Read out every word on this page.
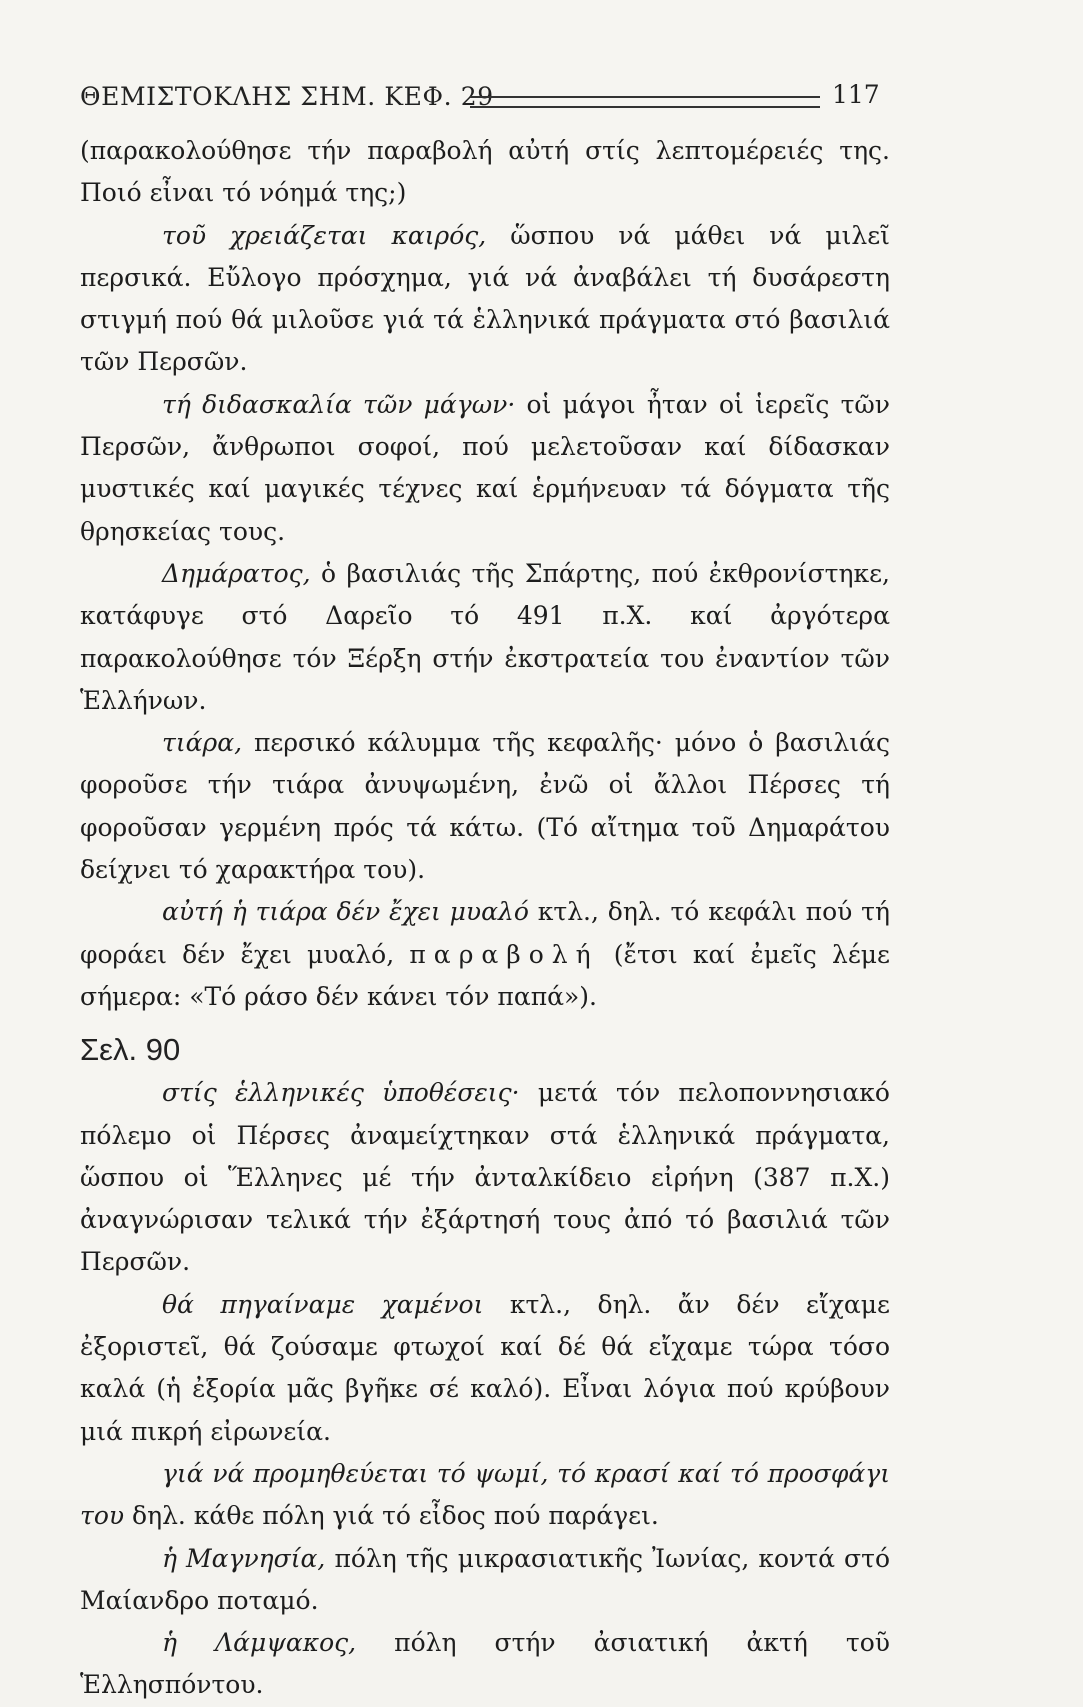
ΘΕΜΙΣΤΟΚΛΗΣ ΣΗΜ. ΚΕΦ. 29	117

(παρακολούθησε τήν παραβολή αὐτή στίς λεπτομέρειές της. Ποιό εἶναι τό νόημά της;)

τοῦ χρειάζεται καιρός, ὥσπου νά μάθει νά μιλεῖ περσικά. Εὔλογο πρόσχημα, γιά νά ἀναβάλει τή δυσάρεστη στιγμή πού θά μιλοῦσε γιά τά ἑλληνικά πράγματα στό βασιλιά τῶν Περσῶν.

τή διδασκαλία τῶν μάγων· οἱ μάγοι ἦταν οἱ ἱερεῖς τῶν Περσῶν, ἄνθρωποι σοφοί, πού μελετοῦσαν καί δίδασκαν μυστικές καί μαγικές τέχνες καί ἑρμήνευαν τά δόγματα τῆς θρησκείας τους.

Δημάρατος, ὁ βασιλιάς τῆς Σπάρτης, πού ἐκθρονίστηκε, κατάφυγε στό Δαρεῖο τό 491 π.Χ. καί ἀργότερα παρακολούθησε τόν Ξέρξη στήν ἐκστρατεία του ἐναντίον τῶν Ἑλλήνων.

τιάρα, περσικό κάλυμμα τῆς κεφαλῆς· μόνο ὁ βασιλιάς φοροῦσε τήν τιάρα ἀνυψωμένη, ἐνῶ οἱ ἄλλοι Πέρσες τή φοροῦσαν γερμένη πρός τά κάτω. (Τό αἴτημα τοῦ Δημαράτου δείχνει τό χαρακτήρα του).

αὐτή ἡ τιάρα δέν ἔχει μυαλό κτλ., δηλ. τό κεφάλι πού τή φοράει δέν ἔχει μυαλό, παραβολή (ἔτσι καί ἐμεῖς λέμε σήμερα: «Τό ράσο δέν κάνει τόν παπά»).

Σελ. 90

στίς ἑλληνικές ὑποθέσεις· μετά τόν πελοποννησιακό πόλεμο οἱ Πέρσες ἀναμείχτηκαν στά ἑλληνικά πράγματα, ὥσπου οἱ Ἕλληνες μέ τήν ἀνταλκίδειο εἰρήνη (387 π.Χ.) ἀναγνώρισαν τελικά τήν ἐξάρτησή τους ἀπό τό βασιλιά τῶν Περσῶν.

θά πηγαίναμε χαμένοι κτλ., δηλ. ἄν δέν εἴχαμε ἐξοριστεῖ, θά ζούσαμε φτωχοί καί δέ θά εἴχαμε τώρα τόσο καλά (ἡ ἐξορία μᾶς βγῆκε σέ καλό). Εἶναι λόγια πού κρύβουν μιά πικρή εἰρωνεία.

γιά νά προμηθεύεται τό ψωμί, τό κρασί καί τό προσφάγι του δηλ. κάθε πόλη γιά τό εἶδος πού παράγει.

ἡ Μαγνησία, πόλη τῆς μικρασιατικῆς Ἰωνίας, κοντά στό Μαίανδρο ποταμό.

ἡ Λάμψακος, πόλη στήν ἀσιατική ἀκτή τοῦ Ἑλλησπόντου.
